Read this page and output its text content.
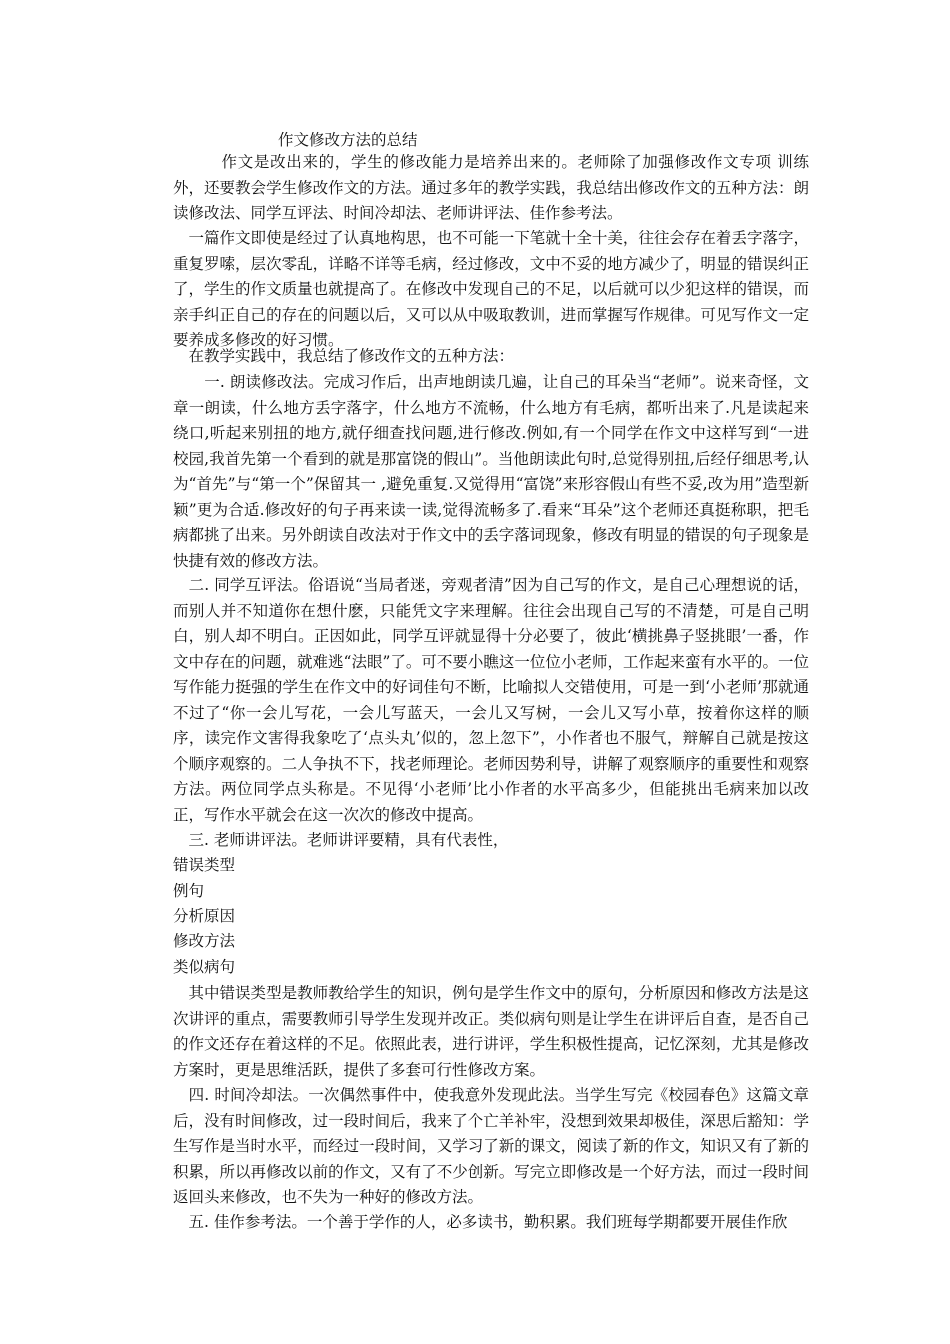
作文修改方法的总结

　　　作文是改出来的，学生的修改能力是培养出来的。老师除了加强修改作文专项 训练外，还要教会学生修改作文的方法。通过多年的教学实践，我总结出修改作文的五种方法：朗读修改法、同学互评法、时间冷却法、老师讲评法、佳作参考法。

　一篇作文即使是经过了认真地构思，也不可能一下笔就十全十美，往往会存在着丢字落字，重复罗嗦，层次零乱，详略不详等毛病，经过修改，文中不妥的地方减少了，明显的错误纠正了，学生的作文质量也就提高了。在修改中发现自己的不足，以后就可以少犯这样的错误，而亲手纠正自己的存在的问题以后，又可以从中吸取教训，进而掌握写作规律。可见写作文一定要养成多修改的好习惯。

　在教学实践中，我总结了修改作文的五种方法：

　　一. 朗读修改法。完成习作后，出声地朗读几遍，让自己的耳朵当“老师”。说来奇怪，文章一朗读，什么地方丢字落字，什么地方不流畅，什么地方有毛病，都听出来了.凡是读起来绕口,听起来别扭的地方,就仔细查找问题,进行修改.例如,有一个同学在作文中这样写到“一进校园,我首先第一个看到的就是那富饶的假山”。当他朗读此句时,总觉得别扭,后经仔细思考,认为“首先”与“第一个”保留其一 ,避免重复.又觉得用“富饶”来形容假山有些不妥,改为用”造型新颖”更为合适.修改好的句子再来读一读,觉得流畅多了.看来“耳朵”这个老师还真挺称职，把毛病都挑了出来。另外朗读自改法对于作文中的丢字落词现象，修改有明显的错误的句子现象是快捷有效的修改方法。

　二. 同学互评法。俗语说“当局者迷，旁观者清”因为自己写的作文，是自己心理想说的话，而别人并不知道你在想什麽，只能凭文字来理解。往往会出现自己写的不清楚，可是自己明白，别人却不明白。正因如此，同学互评就显得十分必要了，彼此‘横挑鼻子竖挑眼’一番，作文中存在的问题，就难逃“法眼”了。可不要小瞧这一位位小老师，工作起来蛮有水平的。一位写作能力挺强的学生在作文中的好词佳句不断，比喻拟人交错使用，可是一到‘小老师’那就通不过了“你一会儿写花，一会儿写蓝天，一会儿又写树，一会儿又写小草，按着你这样的顺序，读完作文害得我象吃了‘点头丸’似的，忽上忽下”，小作者也不服气，辩解自己就是按这个顺序观察的。二人争执不下，找老师理论。老师因势利导，讲解了观察顺序的重要性和观察方法。两位同学点头称是。不见得‘小老师’比小作者的水平高多少，但能挑出毛病来加以改正，写作水平就会在这一次次的修改中提高。

　三. 老师讲评法。老师讲评要精，具有代表性，

错误类型
例句
分析原因
修改方法
类似病句

　其中错误类型是教师教给学生的知识，例句是学生作文中的原句，分析原因和修改方法是这次讲评的重点，需要教师引导学生发现并改正。类似病句则是让学生在讲评后自查，是否自己的作文还存在着这样的不足。依照此表，进行讲评，学生积极性提高，记忆深刻，尤其是修改方案时，更是思维活跃，提供了多套可行性修改方案。

　四. 时间冷却法。一次偶然事件中，使我意外发现此法。当学生写完《校园春色》这篇文章后，没有时间修改，过一段时间后，我来了个亡羊补牢，没想到效果却极佳，深思后豁知：学生写作是当时水平，而经过一段时间，又学习了新的课文，阅读了新的作文，知识又有了新的积累，所以再修改以前的作文，又有了不少创新。写完立即修改是一个好方法，而过一段时间返回头来修改，也不失为一种好的修改方法。

　五. 佳作参考法。一个善于学作的人，必多读书，勤积累。我们班每学期都要开展佳作欣
